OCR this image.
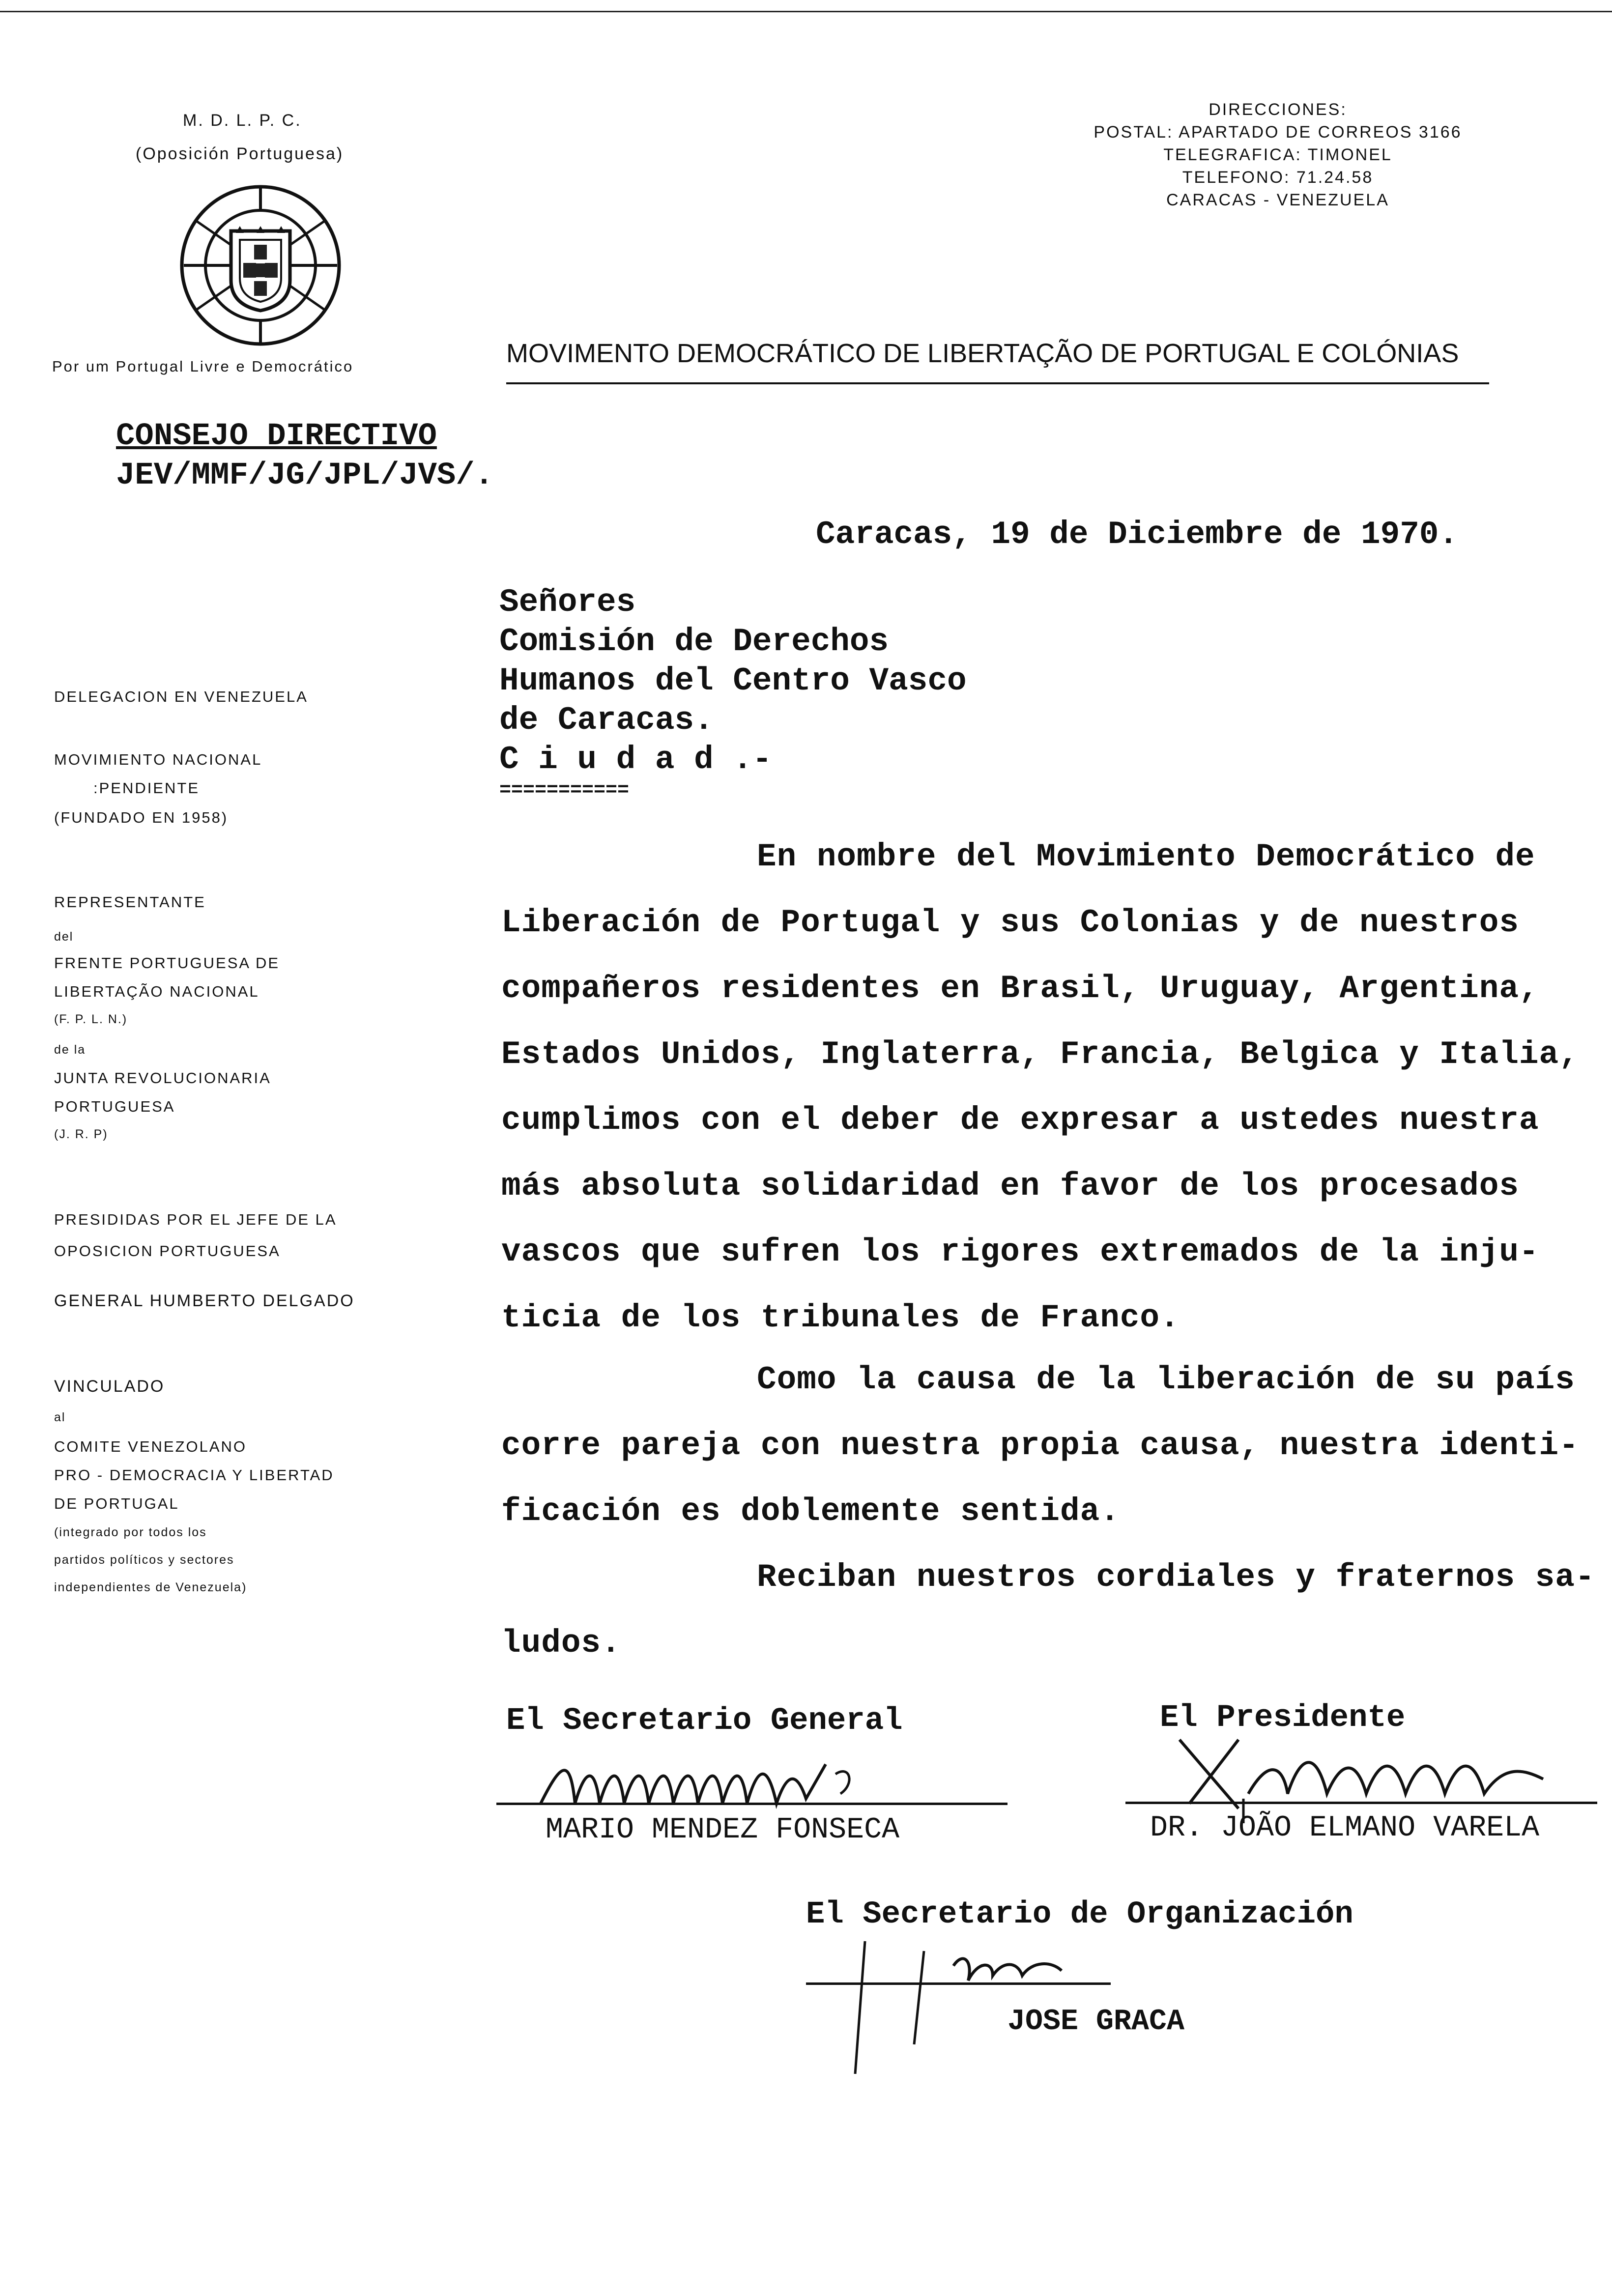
M. D. L. P. C.
(Oposición Portuguesa)
Por um Portugal Livre e Democrático
DIRECCIONES:
POSTAL: APARTADO DE CORREOS 3166
TELEGRAFICA: TIMONEL
TELEFONO: 71.24.58
CARACAS - VENEZUELA
MOVIMENTO DEMOCRÁTICO DE LIBERTAÇÃO DE PORTUGAL E COLÓNIAS
CONSEJO DIRECTIVO
JEV/MMF/JG/JPL/JVS/.
Caracas, 19 de Diciembre de 1970.
Señores
Comisión de Derechos
Humanos del Centro Vasco
de Caracas.
C i u d a d .-
===========
DELEGACION EN VENEZUELA
MOVIMIENTO NACIONAL
:PENDIENTE
(FUNDADO EN 1958)
REPRESENTANTE
del
FRENTE PORTUGUESA DE
LIBERTAÇÃO NACIONAL
(F. P. L. N.)
de la
JUNTA REVOLUCIONARIA
PORTUGUESA
(J. R. P)
PRESIDIDAS POR EL JEFE DE LA
OPOSICION PORTUGUESA
GENERAL HUMBERTO DELGADO
VINCULADO
al
COMITE VENEZOLANO
PRO - DEMOCRACIA Y LIBERTAD
DE PORTUGAL
(integrado por todos los
partidos políticos y sectores
independientes de Venezuela)
En nombre del Movimiento Democrático de
Liberación de Portugal y sus Colonias y de nuestros
compañeros residentes en Brasil, Uruguay, Argentina,
Estados Unidos, Inglaterra, Francia, Belgica y Italia,
cumplimos con el deber de expresar a ustedes nuestra
más absoluta solidaridad en favor de los procesados
vascos que sufren los rigores extremados de la inju-
ticia de los tribunales de Franco.
Como la causa de la liberación de su país
corre pareja con nuestra propia causa, nuestra identi-
ficación es doblemente sentida.
Reciban nuestros cordiales y fraternos sa-
ludos.
El Secretario General
MARIO MENDEZ FONSECA
El Presidente
DR. JOÃO ELMANO VARELA
El Secretario de Organización
JOSE GRACA
